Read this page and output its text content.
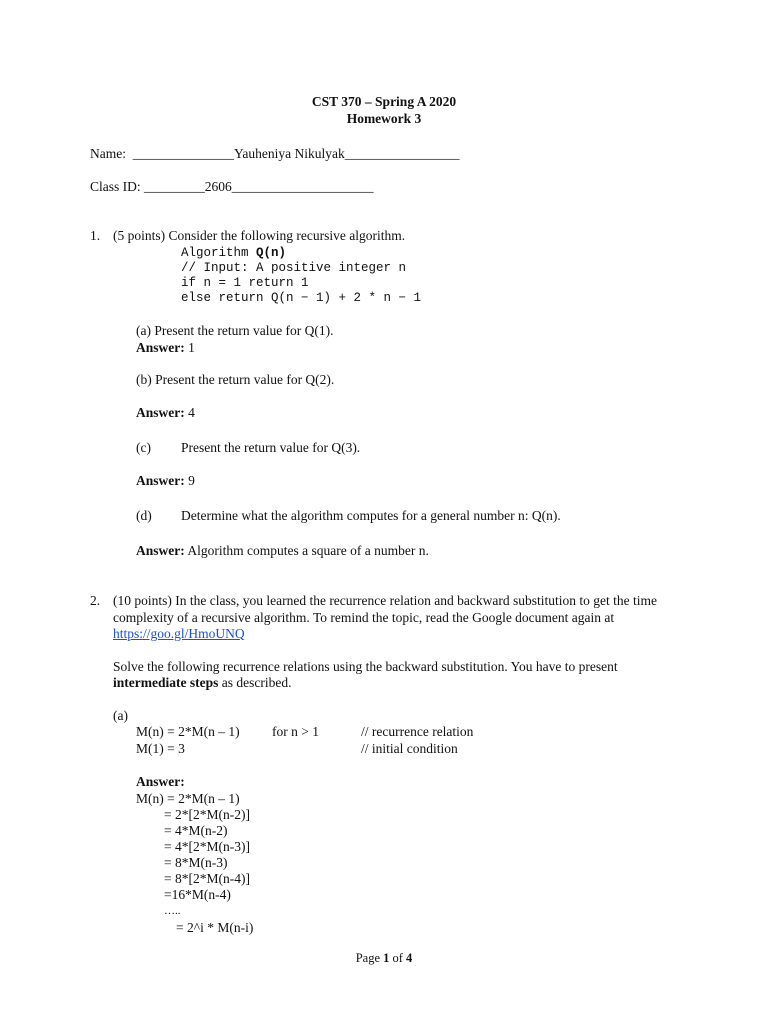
CST 370 – Spring A 2020
Homework 3
Name: _______________Yauheniya Nikulyak_________________
Class ID: _________2606_____________________
1. (5 points) Consider the following recursive algorithm.
Algorithm Q(n)
// Input: A positive integer n
if n = 1 return 1
else return Q(n − 1) + 2 * n − 1
(a) Present the return value for Q(1).
Answer: 1
(b) Present the return value for Q(2).
Answer: 4
(c) Present the return value for Q(3).
Answer: 9
(d) Determine what the algorithm computes for a general number n: Q(n).
Answer: Algorithm computes a square of a number n.
2. (10 points) In the class, you learned the recurrence relation and backward substitution to get the time
complexity of a recursive algorithm. To remind the topic, read the Google document again at
https://goo.gl/HmoUNQ
Solve the following recurrence relations using the backward substitution. You have to present
intermediate steps as described.
(a)
M(n) = 2*M(n – 1) for n > 1	// recurrence relation
M(1) = 3	// initial condition
Answer:
M(n) = 2*M(n – 1)
= 2*[2*M(n-2)]
= 4*M(n-2)
= 4*[2*M(n-3)]
= 8*M(n-3)
= 8*[2*M(n-4)]
=16*M(n-4)
…..
= 2^i * M(n-i)
Page 1 of 4
